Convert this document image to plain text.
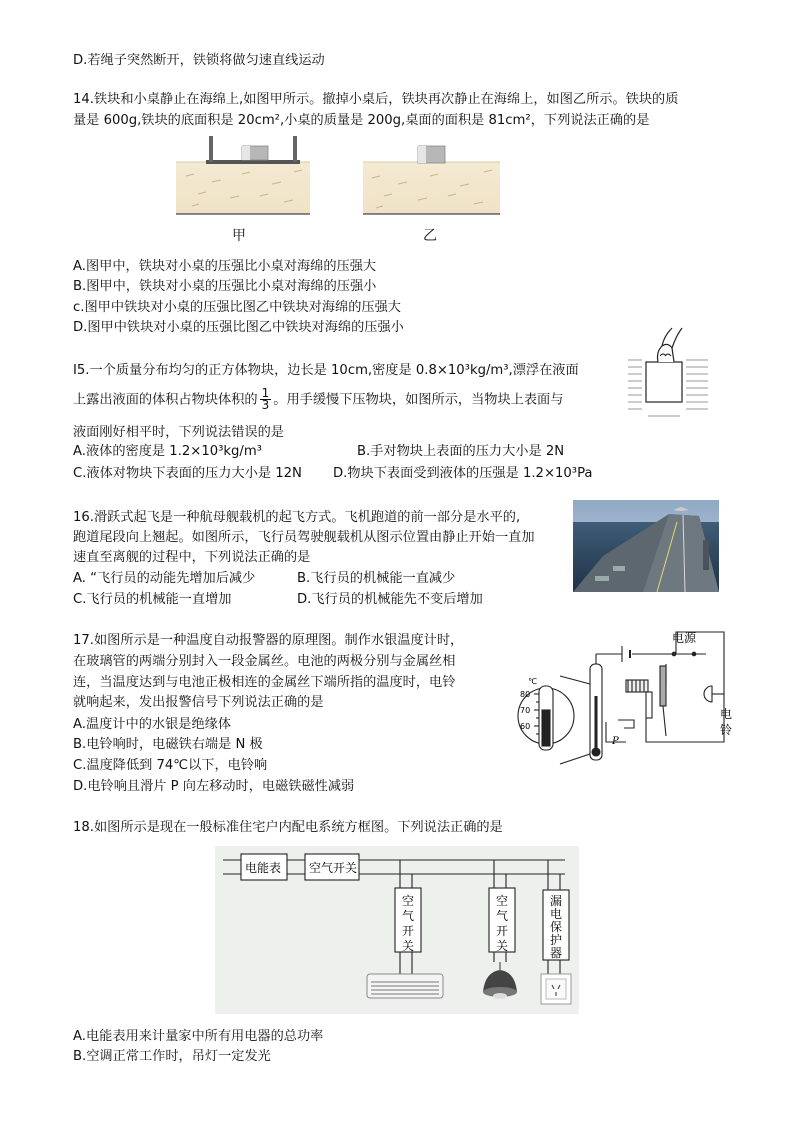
D.若绳子突然断开，铁锁将做匀速直线运动
14.铁块和小桌静止在海绵上,如图甲所示。撤掉小桌后，铁块再次静止在海绵上，如图乙所示。铁块的质
量是 600g,铁块的底面积是 20cm²,小桌的质量是 200g,桌面的面积是 81cm²，下列说法正确的是
甲	乙
A.图甲中，铁块对小桌的压强比小桌对海绵的压强大
B.图甲中，铁块对小桌的压强比小桌对海绵的压强小
c.图甲中铁块对小桌的压强比图乙中铁块对海绵的压强大
D.图甲中铁块对小桌的压强比图乙中铁块对海绵的压强小
I5.一个质量分布均匀的正方体物块，边长是 10cm,密度是 0.8×10³kg/m³,漂浮在液面
上露出液面的体积占物块体积的 $\frac{1}{3}$ 。用手缓慢下压物块，如图所示，当物块上表面与
液面刚好相平时，下列说法错误的是
A.液体的密度是 1.2×10³kg/m³	B.手对物块上表面的压力大小是 2N
C.液体对物块下表面的压力大小是 12N D.物块下表面受到液体的压强是 1.2×10³Pa
16.滑跃式起飞是一种航母舰载机的起飞方式。飞机跑道的前一部分是水平的,
跑道尾段向上翘起。如图所示，飞行员驾驶舰载机从图示位置由静止开始一直加
速直至离舰的过程中，下列说法正确的是
A. “飞行员的动能先增加后减少	B.飞行员的机械能一直减少
C.飞行员的机械能一直增加	D.飞行员的机械能先不变后增加
17.如图所示是一种温度自动报警器的原理图。制作水银温度计时，
在玻璃管的两端分别封入一段金属丝。电池的两极分别与金属丝相
连，当温度达到与电池正极相连的金属丝下端所指的温度时，电铃
就响起来，发出报警信号下列说法正确的是
A.温度计中的水银是绝缘体
B.电铃响时，电磁铁右端是 N 极
C.温度降低到 74℃以下，电铃响
D.电铃响且滑片 P 向左移动时，电磁铁磁性减弱
℃
80
70
60
电源
电
铃
P
18.如图所示是现在一般标准住宅户内配电系统方框图。下列说法正确的是
电能表 空气开关
空
气
开
关
空
气
开
关
漏
电
保
护
器
A.电能表用来计量家中所有用电器的总功率
B.空调正常工作时，吊灯一定发光
